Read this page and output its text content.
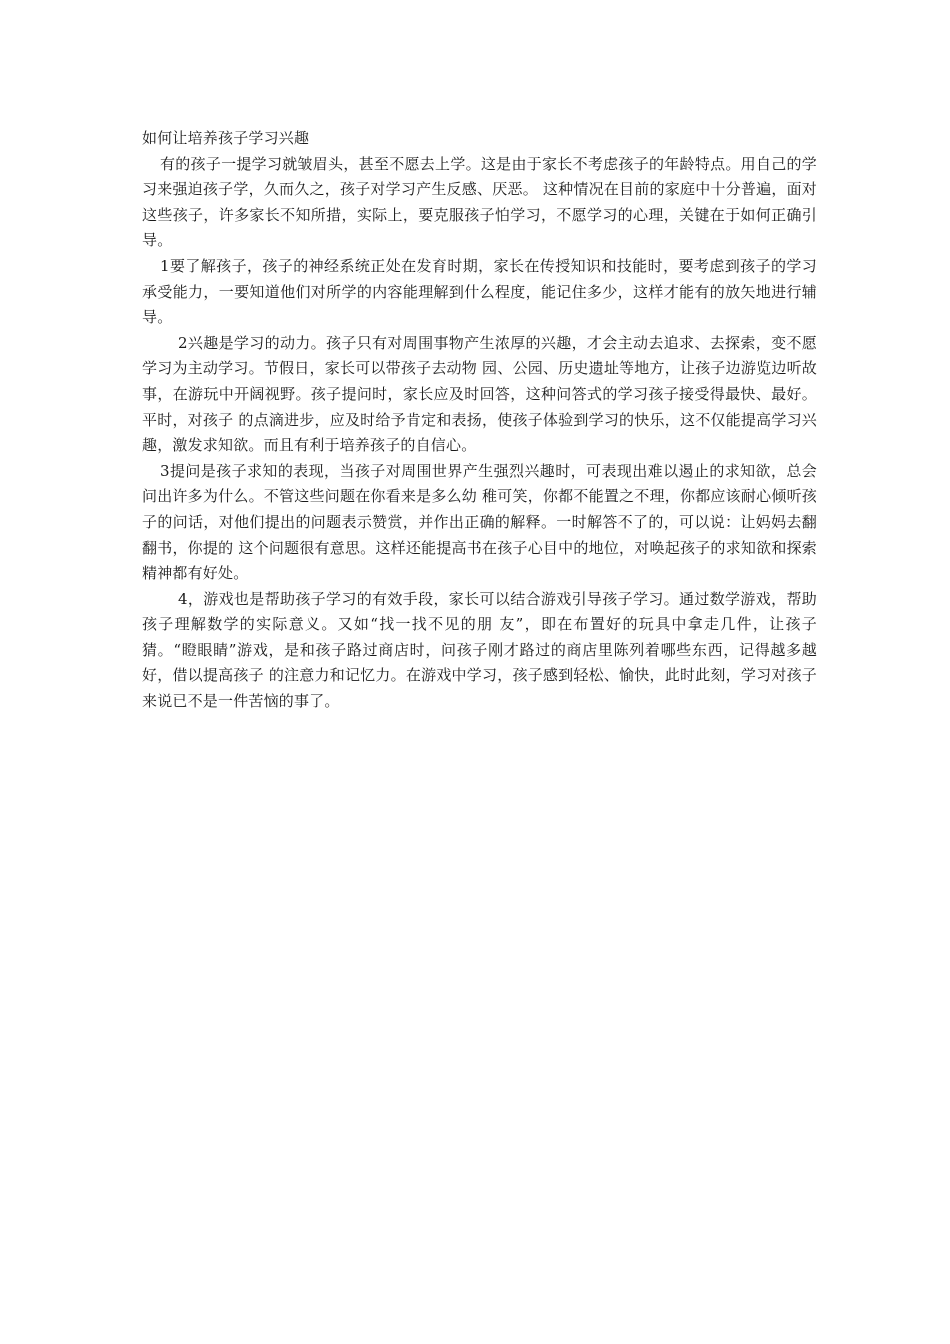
如何让培养孩子学习兴趣

有的孩子一提学习就皱眉头，甚至不愿去上学。这是由于家长不考虑孩子的年龄特点。用自己的学习来强迫孩子学，久而久之，孩子对学习产生反感、厌恶。 这种情况在目前的家庭中十分普遍，面对这些孩子，许多家长不知所措，实际上，要克服孩子怕学习，不愿学习的心理，关键在于如何正确引导。

1要了解孩子，孩子的神经系统正处在发育时期，家长在传授知识和技能时，要考虑到孩子的学习承受能力，一要知道他们对所学的内容能理解到什么程度，能记住多少，这样才能有的放矢地进行辅导。

2兴趣是学习的动力。孩子只有对周围事物产生浓厚的兴趣，才会主动去追求、去探索，变不愿学习为主动学习。节假日，家长可以带孩子去动物 园、公园、历史遗址等地方，让孩子边游览边听故事，在游玩中开阔视野。孩子提问时，家长应及时回答，这种问答式的学习孩子接受得最快、最好。平时，对孩子 的点滴进步，应及时给予肯定和表扬，使孩子体验到学习的快乐，这不仅能提高学习兴趣，激发求知欲。而且有利于培养孩子的自信心。

3提问是孩子求知的表现，当孩子对周围世界产生强烈兴趣时，可表现出难以遏止的求知欲，总会问出许多为什么。不管这些问题在你看来是多么幼 稚可笑，你都不能置之不理，你都应该耐心倾听孩子的问话，对他们提出的问题表示赞赏，并作出正确的解释。一时解答不了的，可以说：让妈妈去翻翻书，你提的 这个问题很有意思。这样还能提高书在孩子心目中的地位，对唤起孩子的求知欲和探索精神都有好处。

4，游戏也是帮助孩子学习的有效手段，家长可以结合游戏引导孩子学习。通过数学游戏，帮助孩子理解数学的实际意义。又如“找一找不见的朋 友”，即在布置好的玩具中拿走几件，让孩子猜。“瞪眼睛”游戏，是和孩子路过商店时，问孩子刚才路过的商店里陈列着哪些东西，记得越多越好，借以提高孩子 的注意力和记忆力。在游戏中学习，孩子感到轻松、愉快，此时此刻，学习对孩子来说已不是一件苦恼的事了。
